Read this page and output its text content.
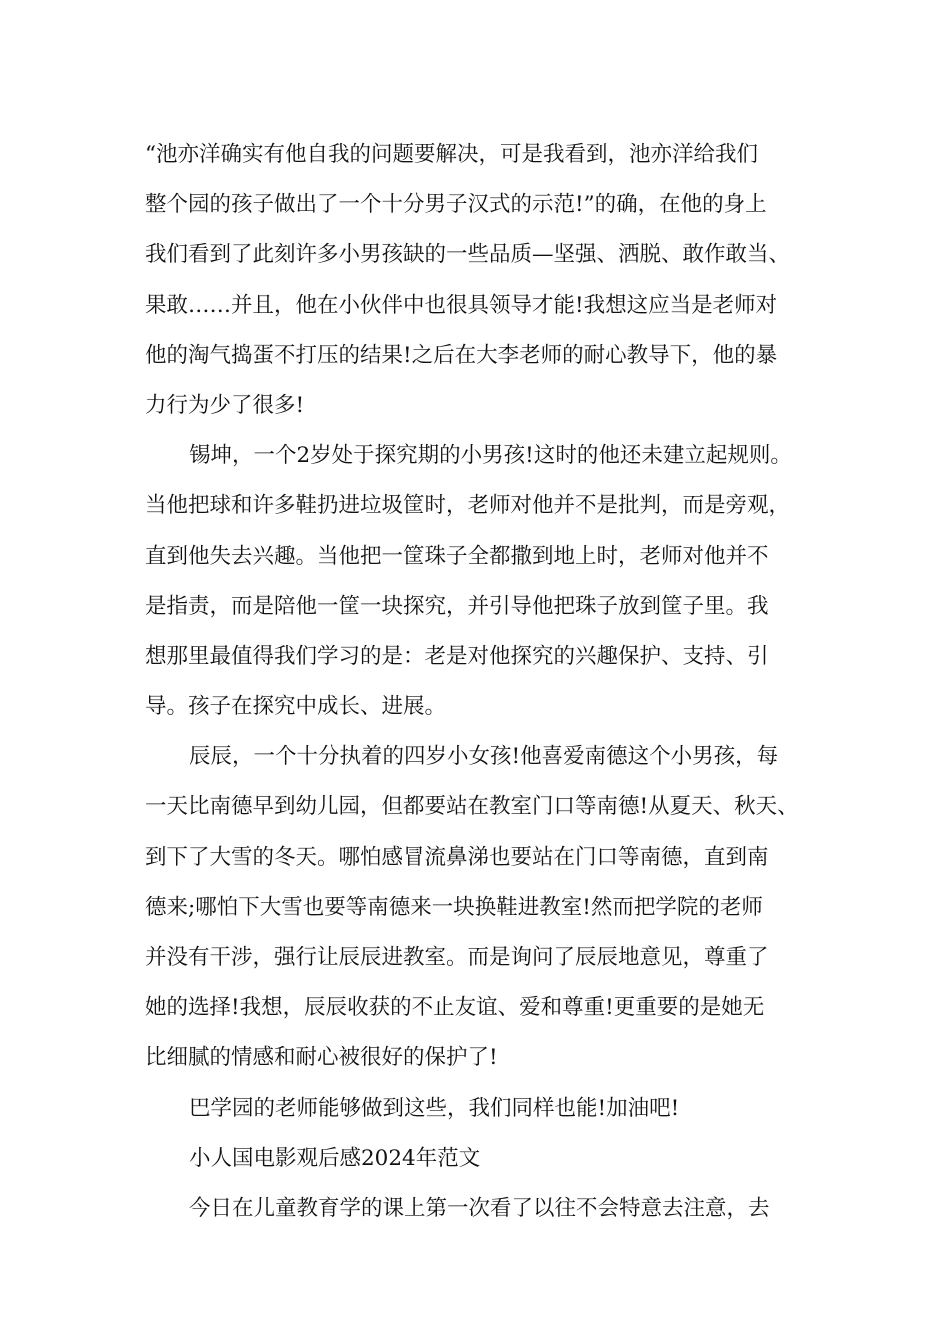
“池亦洋确实有他自我的问题要解决，可是我看到，池亦洋给我们
整个园的孩子做出了一个十分男子汉式的示范!”的确，在他的身上
我们看到了此刻许多小男孩缺的一些品质—坚强、洒脱、敢作敢当、
果敢……并且，他在小伙伴中也很具领导才能!我想这应当是老师对
他的淘气捣蛋不打压的结果!之后在大李老师的耐心教导下，他的暴
力行为少了很多!
锡坤，一个2岁处于探究期的小男孩!这时的他还未建立起规则。
当他把球和许多鞋扔进垃圾筐时，老师对他并不是批判，而是旁观，
直到他失去兴趣。当他把一筐珠子全都撒到地上时，老师对他并不
是指责，而是陪他一筐一块探究，并引导他把珠子放到筐子里。我
想那里最值得我们学习的是：老是对他探究的兴趣保护、支持、引
导。孩子在探究中成长、进展。
辰辰，一个十分执着的四岁小女孩!他喜爱南德这个小男孩，每
一天比南德早到幼儿园，但都要站在教室门口等南德!从夏天、秋天、
到下了大雪的冬天。哪怕感冒流鼻涕也要站在门口等南德，直到南
德来;哪怕下大雪也要等南德来一块换鞋进教室!然而把学院的老师
并没有干涉，强行让辰辰进教室。而是询问了辰辰地意见，尊重了
她的选择!我想，辰辰收获的不止友谊、爱和尊重!更重要的是她无
比细腻的情感和耐心被很好的保护了!
巴学园的老师能够做到这些，我们同样也能!加油吧!
小人国电影观后感2024年范文
今日在儿童教育学的课上第一次看了以往不会特意去注意，去
